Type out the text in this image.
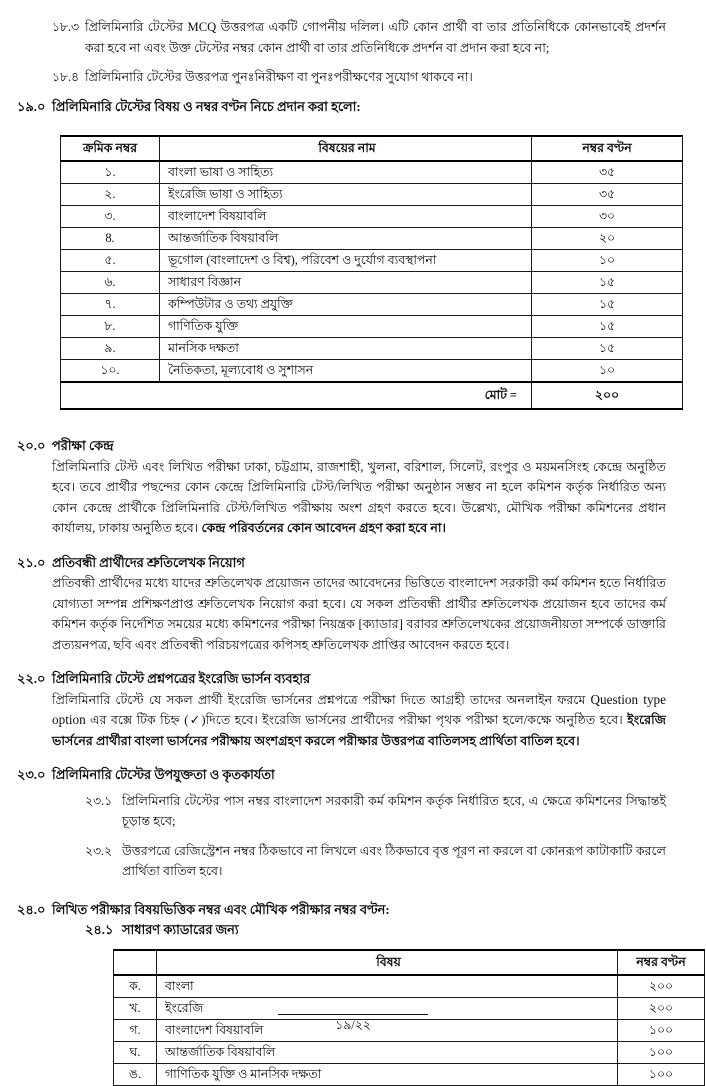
১৮.৩ প্রিলিমিনারি টেস্টের MCQ উত্তরপত্র একটি গোপনীয় দলিল। এটি কোন প্রার্থী বা তার প্রতিনিধিকে কোনভাবেই প্রদর্শন করা হবে না এবং উক্ত টেস্টের নম্বর কোন প্রার্থী বা তার প্রতিনিধিকে প্রদর্শন বা প্রদান করা হবে না;
১৮.৪ প্রিলিমিনারি টেস্টের উত্তরপত্র পুনঃনিরীক্ষণ বা পুনঃপরীক্ষণের সুযোগ থাকবে না।
১৯.০ প্রিলিমিনারি টেস্টের বিষয় ও নম্বর বণ্টন নিচে প্রদান করা হলো:
ক্রমিক নম্বর	বিষয়ের নাম	নম্বর বণ্টন
১.	বাংলা ভাষা ও সাহিত্য	৩৫
২.	ইংরেজি ভাষা ও সাহিত্য	৩৫
৩.	বাংলাদেশ বিষয়াবলি	৩০
8.	আন্তর্জাতিক বিষয়াবলি	২০
৫.	ভূগোল (বাংলাদেশ ও বিশ্ব), পরিবেশ ও দুর্যোগ ব্যবস্থাপনা	১০
৬.	সাধারণ বিজ্ঞান	১৫
৭.	কম্পিউটার ও তথ্য প্রযুক্তি	১৫
৮.	গাণিতিক যুক্তি	১৫
৯.	মানসিক দক্ষতা	১৫
১০.	নৈতিকতা, মূল্যবোধ ও সুশাসন	১০
মোট =		২০০
২০.০ পরীক্ষা কেন্দ্র
প্রিলিমিনারি টেস্ট এবং লিখিত পরীক্ষা ঢাকা, চট্টগ্রাম, রাজশাহী, খুলনা, বরিশাল, সিলেট, রংপুর ও ময়মনসিংহ কেন্দ্রে অনুষ্ঠিত হবে। তবে প্রার্থীর পছন্দের কোন কেন্দ্রে প্রিলিমিনারি টেস্ট/লিখিত পরীক্ষা অনুষ্ঠান সম্ভব না হলে কমিশন কর্তৃক নির্ধারিত অন্য কোন কেন্দ্রে প্রার্থীকে প্রিলিমিনারি টেস্ট/লিখিত পরীক্ষায় অংশ গ্রহণ করতে হবে। উল্লেখ্য, মৌখিক পরীক্ষা কমিশনের প্রধান কার্যালয়, ঢাকায় অনুষ্ঠিত হবে। কেন্দ্র পরিবর্তনের কোন আবেদন গ্রহণ করা হবে না।
২১.০ প্রতিবন্ধী প্রার্থীদের শ্রুতিলেখক নিয়োগ
প্রতিবন্ধী প্রার্থীদের মধ্যে যাদের শ্রুতিলেখক প্রয়োজন তাদের আবেদনের ভিত্তিতে বাংলাদেশ সরকারী কর্ম কমিশন হতে নির্ধারিত যোগ্যতা সম্পন্ন প্রশিক্ষণপ্রাপ্ত শ্রুতিলেখক নিয়োগ করা হবে। যে সকল প্রতিবন্ধী প্রার্থীর শ্রুতিলেখক প্রয়োজন হবে তাদের কর্ম কমিশন কর্তৃক নির্দেশিত সময়ের মধ্যে কমিশনের পরীক্ষা নিয়ন্ত্রক [ক্যাডার] বরাবর শ্রুতিলেখকের প্রয়োজনীয়তা সম্পর্কে ডাক্তারি প্রত্যয়নপত্র, ছবি এবং প্রতিবন্ধী পরিচয়পত্রের কপিসহ শ্রুতিলেখক প্রাপ্তির আবেদন করতে হবে।
২২.০ প্রিলিমিনারি টেস্টে প্রশ্নপত্রের ইংরেজি ভার্সন ব্যবহার
প্রিলিমিনারি টেস্টে যে সকল প্রার্থী ইংরেজি ভার্সনের প্রশ্নপত্রে পরীক্ষা দিতে আগ্রহী তাদের অনলাইন ফরমে Question type option এর বক্সে টিক চিহ্ন (✓)দিতে হবে। ইংরেজি ভার্সনের প্রার্থীদের পরীক্ষা পৃথক পরীক্ষা হলে/কক্ষে অনুষ্ঠিত হবে। ইংরেজি ভার্সনের প্রার্থীরা বাংলা ভার্সনের পরীক্ষায় অংশগ্রহণ করলে পরীক্ষার উত্তরপত্র বাতিলসহ প্রার্থিতা বাতিল হবে।
২৩.০ প্রিলিমিনারি টেস্টের উপযুক্ততা ও কৃতকার্যতা
২৩.১ প্রিলিমিনারি টেস্টের পাস নম্বর বাংলাদেশ সরকারী কর্ম কমিশন কর্তৃক নির্ধারিত হবে, এ ক্ষেত্রে কমিশনের সিদ্ধান্তই চূড়ান্ত হবে;
২৩.২ উত্তরপত্রে রেজিস্ট্রেশন নম্বর ঠিকভাবে না লিখলে এবং ঠিকভাবে বৃত্ত পূরণ না করলে বা কোনরূপ কাটাকাটি করলে প্রার্থিতা বাতিল হবে।
২৪.০ লিখিত পরীক্ষার বিষয়ভিত্তিক নম্বর এবং মৌখিক পরীক্ষার নম্বর বণ্টন:
২৪.১ সাধারণ ক্যাডারের জন্য
	বিষয়	নম্বর বণ্টন
ক.	বাংলা	২০০
খ.	ইংরেজি	২০০
গ.	বাংলাদেশ বিষয়াবলি	১০০
ঘ.	আন্তর্জাতিক বিষয়াবলি	১০০
ঙ.	গাণিতিক যুক্তি ও মানসিক দক্ষতা	১০০
১৯/২২
